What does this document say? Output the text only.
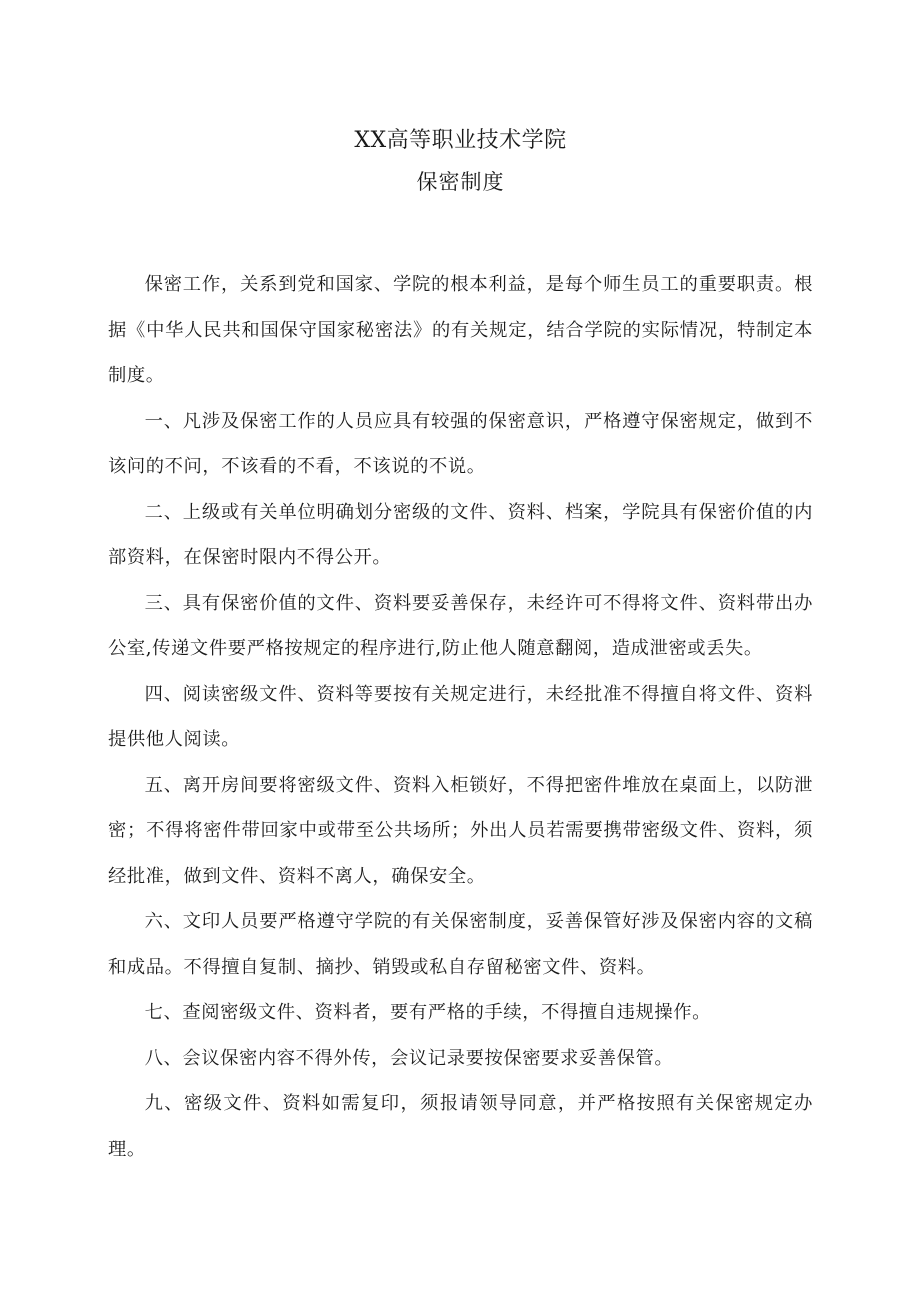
XX高等职业技术学院
保密制度

保密工作，关系到党和国家、学院的根本利益，是每个师生员工的重要职责。根据《中华人民共和国保守国家秘密法》的有关规定，结合学院的实际情况，特制定本制度。

一、凡涉及保密工作的人员应具有较强的保密意识，严格遵守保密规定，做到不该问的不问，不该看的不看，不该说的不说。

二、上级或有关单位明确划分密级的文件、资料、档案，学院具有保密价值的内部资料，在保密时限内不得公开。

三、具有保密价值的文件、资料要妥善保存，未经许可不得将文件、资料带出办公室,传递文件要严格按规定的程序进行,防止他人随意翻阅，造成泄密或丢失。

四、阅读密级文件、资料等要按有关规定进行，未经批准不得擅自将文件、资料提供他人阅读。

五、离开房间要将密级文件、资料入柜锁好，不得把密件堆放在桌面上，以防泄密；不得将密件带回家中或带至公共场所；外出人员若需要携带密级文件、资料，须经批准，做到文件、资料不离人，确保安全。

六、文印人员要严格遵守学院的有关保密制度，妥善保管好涉及保密内容的文稿和成品。不得擅自复制、摘抄、销毁或私自存留秘密文件、资料。

七、查阅密级文件、资料者，要有严格的手续，不得擅自违规操作。

八、会议保密内容不得外传，会议记录要按保密要求妥善保管。

九、密级文件、资料如需复印，须报请领导同意，并严格按照有关保密规定办理。
